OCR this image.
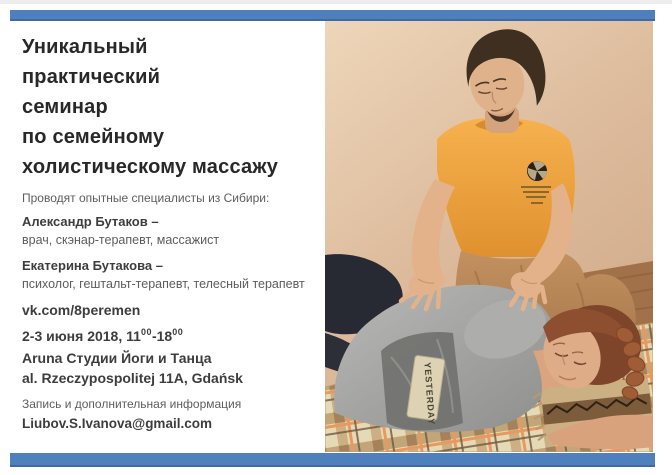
Уникальный
практический
семинар
по семейному
холистическому массажу
Проводят опытные специалисты из Сибири:
Александр Бутаков –
врач, скэнар-терапевт, массажист
Екатерина Бутакова –
психолог, гештальт-терапевт, телесный терапевт
vk.com/8peremen
2-3 июня 2018, $11^{00}-18^{00}$
Aruna Студии Йоги и Танца
al. Rzeczypospolitej 11A, Gdańsk
Запись и дополнительная информация
Liubov.S.Ivanova@gmail.com	YESTERDAY
